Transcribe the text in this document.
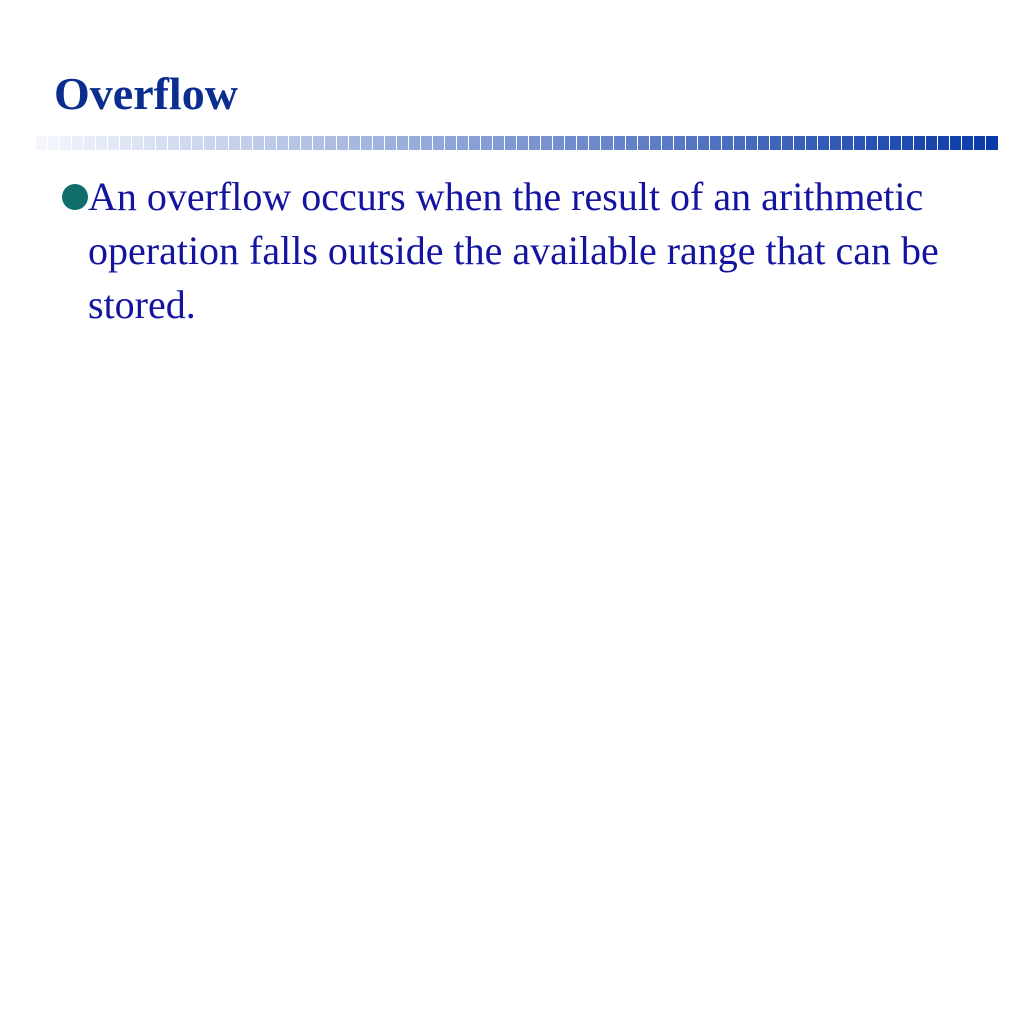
Overflow
An overflow occurs when the result of an arithmetic operation falls outside the available range that can be stored.
